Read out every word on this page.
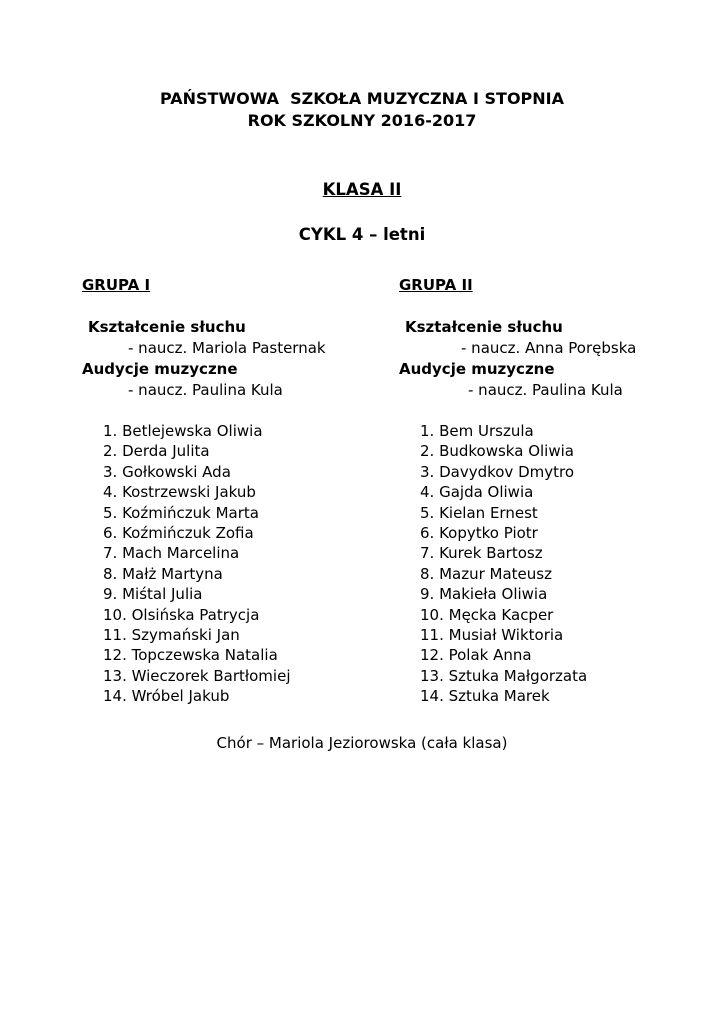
PAŃSTWOWA  SZKOŁA MUZYCZNA I STOPNIA
ROK SZKOLNY 2016-2017
KLASA II
CYKL 4 – letni
GRUPA I
Kształcenie słuchu
- naucz. Mariola Pasternak
Audycje muzyczne
- naucz. Paulina Kula
1. Betlejewska Oliwia
2. Derda Julita
3. Gołkowski Ada
4. Kostrzewski Jakub
5. Koźmińczuk Marta
6. Koźmińczuk Zofia
7. Mach Marcelina
8. Małż Martyna
9. Miśtal Julia
10. Olsińska Patrycja
11. Szymański Jan
12. Topczewska Natalia
13. Wieczorek Bartłomiej
14. Wróbel Jakub
GRUPA II
Kształcenie słuchu
- naucz. Anna Porębska
Audycje muzyczne
- naucz. Paulina Kula
1. Bem Urszula
2. Budkowska Oliwia
3. Davydkov Dmytro
4. Gajda Oliwia
5. Kielan Ernest
6. Kopytko Piotr
7. Kurek Bartosz
8. Mazur Mateusz
9. Makieła Oliwia
10. Męcka Kacper
11. Musiał Wiktoria
12. Polak Anna
13. Sztuka Małgorzata
14. Sztuka Marek
Chór – Mariola Jeziorowska (cała klasa)
